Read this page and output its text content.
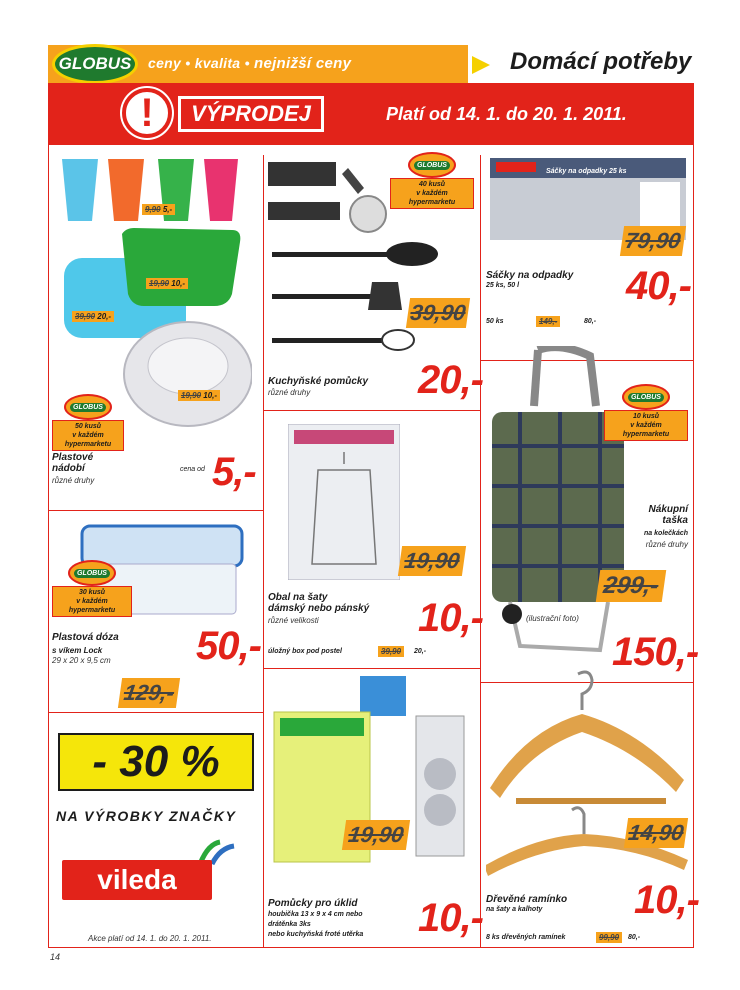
GLOBUS	ceny • kvalita • nejnižší ceny	Domácí potřeby
!	VÝPRODEJ	Platí od 14. 1. do 20. 1. 2011.
9,90 5,-
19,90 10,-
39,90 20,-
19,90 10,-
GLOBUS
50 kusů
v každém hypermarketu
Plastové
nádobí
různé druhy
cena od 5,-
GLOBUS
30 kusů
v každém hypermarketu
Plastová dóza
s víkem Lock
29 x 20 x 9,5 cm 50,-
129,-
- 30 %
NA VÝROBKY ZNAČKY
vileda
Akce platí od 14. 1. do 20. 1. 2011.
GLOBUS
40 kusů
v každém hypermarketu
39,90
Kuchyňské pomůcky
různé druhy	20,-
19,90
Obal na šaty
dámský nebo pánský
různé velikosti 10,-
úložný box pod postel	39,90	20,-
19,90
Pomůcky pro úklid
houbička 13 x 9 x 4 cm nebo
drátěnka 3ks
nebo kuchyňská froté utěrka 10,-
Sáčky na odpadky 25 ks
79,90
Sáčky na odpadky
25 ks, 50 l	40,-
50 ks	149,-	80,-
GLOBUS
10 kusů
v každém hypermarketu
Nákupní
taška
na kolečkách
různé druhy
299,-
(ilustrační foto)
150,-
14,90
Dřevěné ramínko
na šaty a kalhoty 10,-
8 ks dřevěných ramínek	99,90	80,-
14
